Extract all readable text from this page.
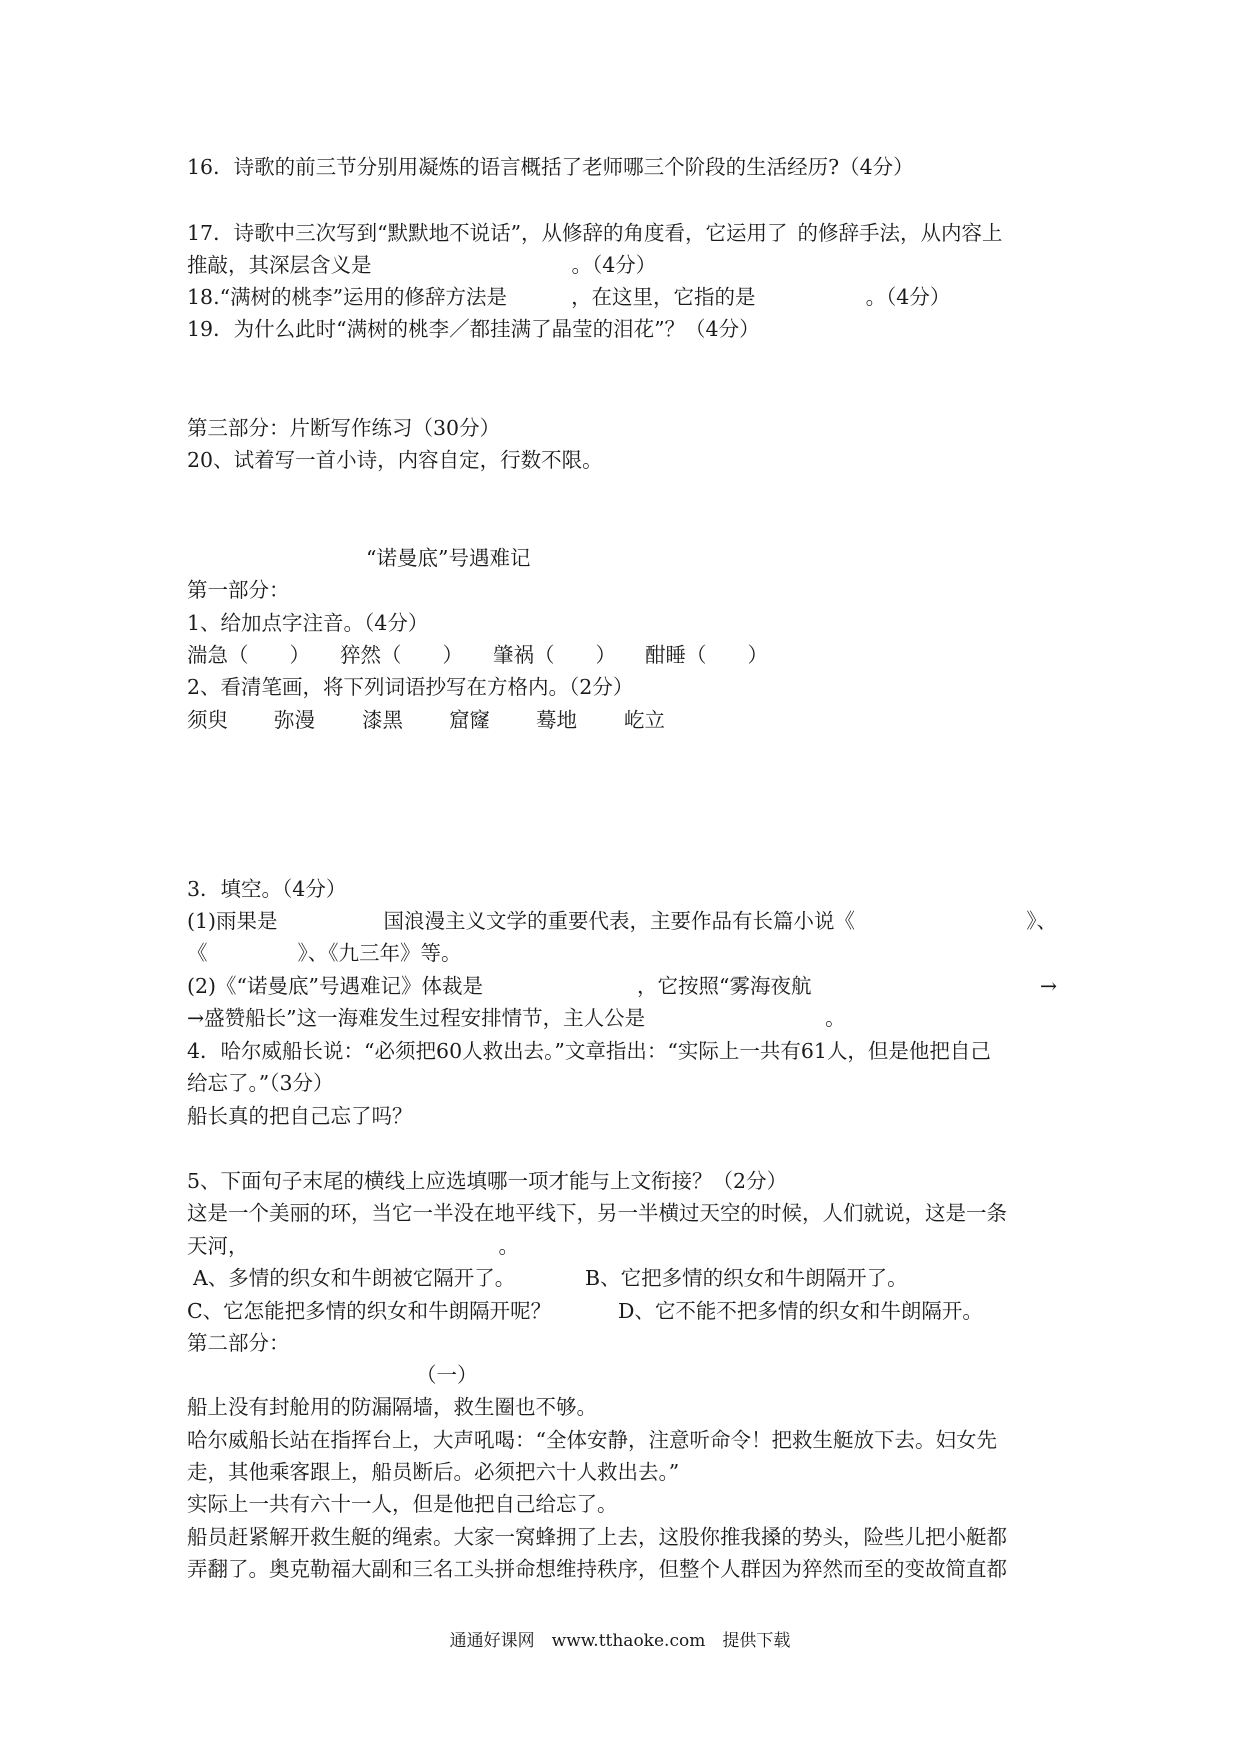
16．诗歌的前三节分别用凝炼的语言概括了老师哪三个阶段的生活经历?（4分）
17．诗歌中三次写到“默默地不说话”，从修辞的角度看，它运用了 的修辞手法，从内容上
推敲，其深层含义是	。（4分）
18.“满树的桃李”运用的修辞方法是	，在这里，它指的是	。（4分）
19．为什么此时“满树的桃李／都挂满了晶莹的泪花”？（4分）
第三部分：片断写作练习（30分）
20、试着写一首小诗，内容自定，行数不限。
“诺曼底”号遇难记
第一部分：
1、给加点字注音。（4分）
湍急（　　） 猝然（　　） 肇祸（　　） 酣睡（　　）
2、看清笔画，将下列词语抄写在方格内。（2分）
须臾 弥漫 漆黑 窟窿 蓦地 屹立
3．填空。（4分）
(1)雨果是	国浪漫主义文学的重要代表，主要作品有长篇小说《	》、
《	》、《九三年》等。
(2)《“诺曼底”号遇难记》体裁是	，它按照“雾海夜航	→
→盛赞船长”这一海难发生过程安排情节，主人公是	。
4．哈尔威船长说：“必须把60人救出去。”文章指出：“实际上一共有61人，但是他把自己
给忘了。”（3分）
船长真的把自己忘了吗？
5、下面句子末尾的横线上应选填哪一项才能与上文衔接？（2分）
这是一个美丽的环，当它一半没在地平线下，另一半横过天空的时候，人们就说，这是一条
天河，	。
A、多情的织女和牛朗被它隔开了。	B、它把多情的织女和牛朗隔开了。
C、它怎能把多情的织女和牛朗隔开呢？	D、它不能不把多情的织女和牛朗隔开。
第二部分：
（一）
船上没有封舱用的防漏隔墙，救生圈也不够。
哈尔威船长站在指挥台上，大声吼喝：“全体安静，注意听命令！把救生艇放下去。妇女先
走，其他乘客跟上，船员断后。必须把六十人救出去。”
实际上一共有六十一人，但是他把自己给忘了。
船员赶紧解开救生艇的绳索。大家一窝蜂拥了上去，这股你推我搡的势头，险些儿把小艇都
弄翻了。奥克勒福大副和三名工头拼命想维持秩序，但整个人群因为猝然而至的变故简直都
通通好课网　www.tthaoke.com　提供下载
